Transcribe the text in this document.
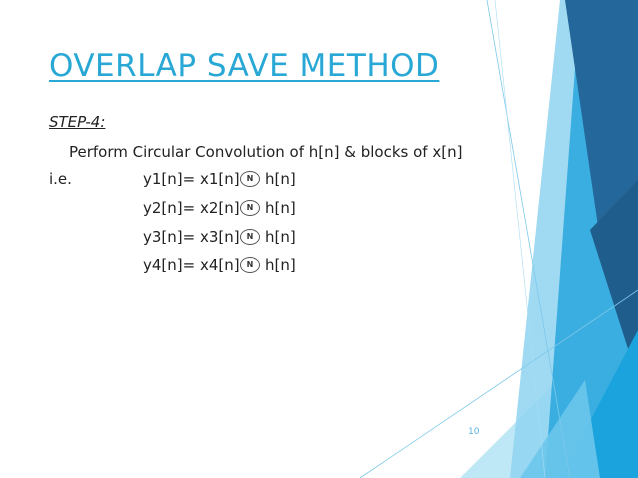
OVERLAP SAVE METHOD
STEP-4:
Perform Circular Convolution of h[n] & blocks of x[n]
i.e.	y1[n]= x1[n] N h[n]
y2[n]= x2[n] N h[n]
y3[n]= x3[n] N h[n]
y4[n]= x4[n] N h[n]
10
